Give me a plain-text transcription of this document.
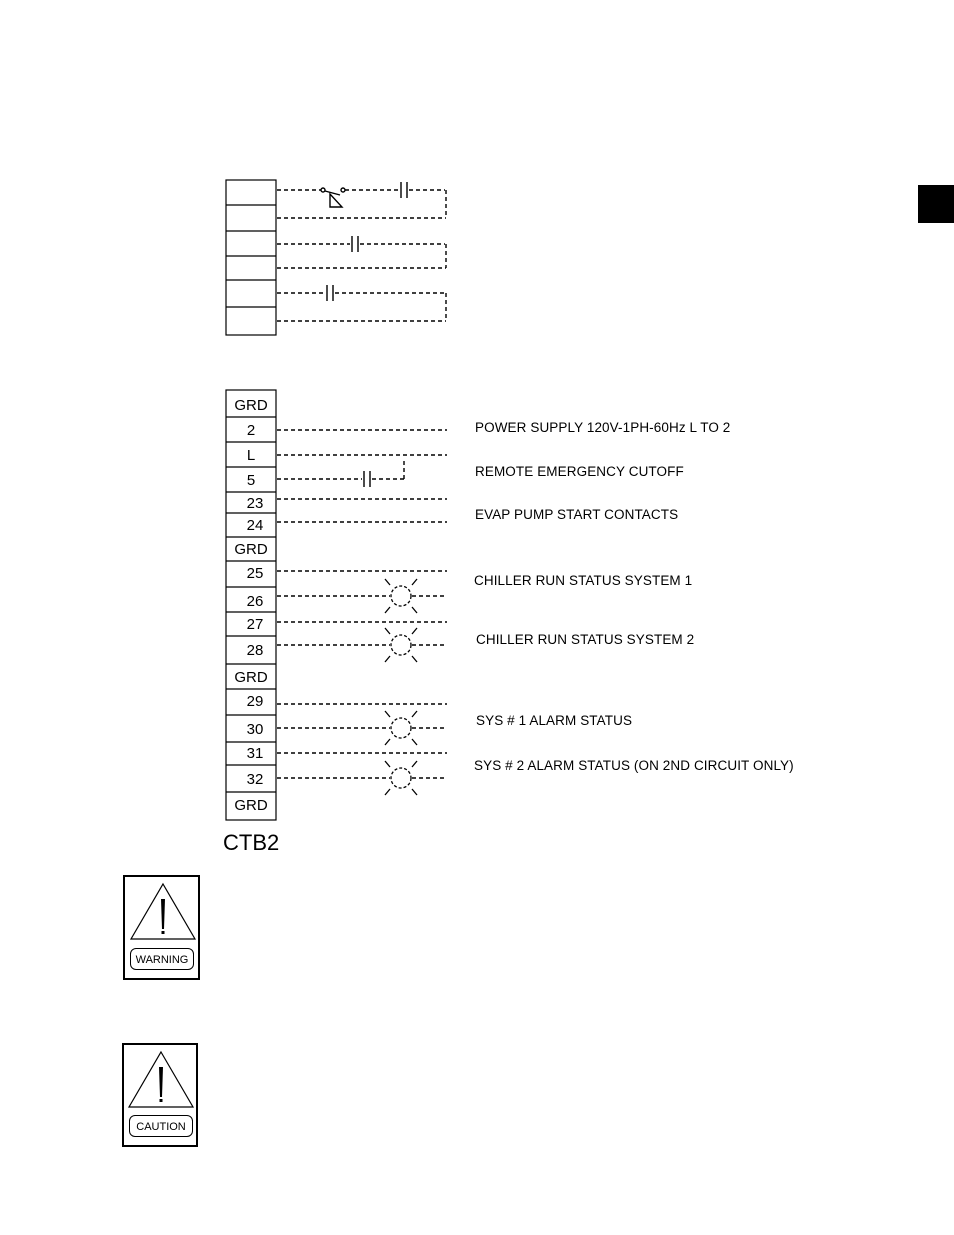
GRD
2
L
5
23
24
GRD
25
26
27
28
GRD
29
30
31
32
GRD
POWER SUPPLY 120V-1PH-60Hz L TO 2
REMOTE EMERGENCY CUTOFF
EVAP PUMP START CONTACTS
CHILLER RUN STATUS SYSTEM 1
CHILLER RUN STATUS SYSTEM 2
SYS # 1 ALARM STATUS
SYS # 2 ALARM STATUS (ON 2ND CIRCUIT ONLY)
CTB2
WARNING
CAUTION
